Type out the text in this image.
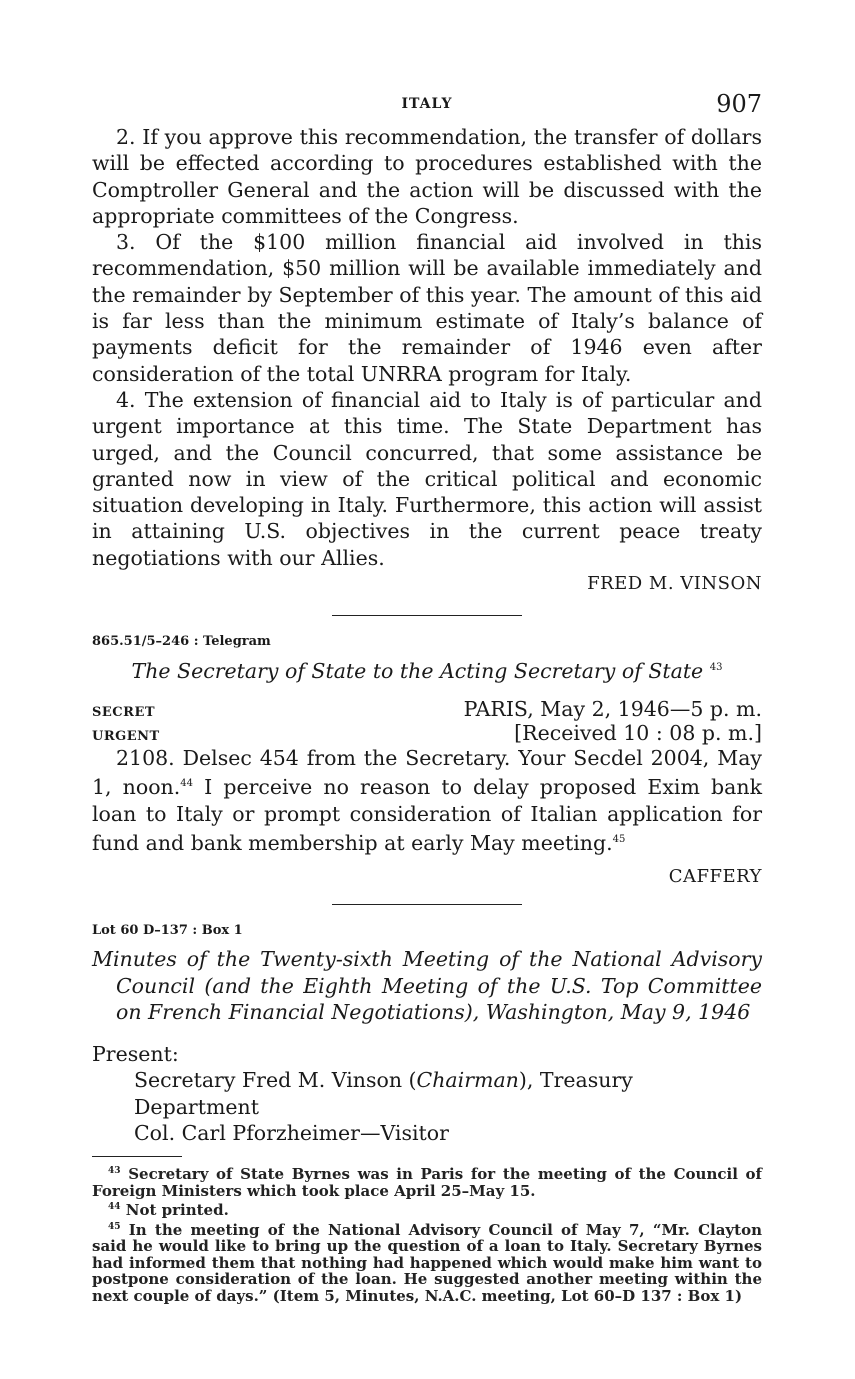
ITALY	907

2. If you approve this recommendation, the transfer of dollars will be effected according to procedures established with the Comptroller General and the action will be discussed with the appropriate committees of the Congress.

3. Of the $100 million financial aid involved in this recommendation, $50 million will be available immediately and the remainder by September of this year. The amount of this aid is far less than the minimum estimate of Italy’s balance of payments deficit for the remainder of 1946 even after consideration of the total UNRRA program for Italy.

4. The extension of financial aid to Italy is of particular and urgent importance at this time. The State Department has urged, and the Council concurred, that some assistance be granted now in view of the critical political and economic situation developing in Italy. Furthermore, this action will assist in attaining U.S. objectives in the current peace treaty negotiations with our Allies.

FRED M. VINSON

865.51/5–246 : Telegram

The Secretary of State to the Acting Secretary of State $^{43}$

SECRET	PARIS, May 2, 1946—5 p. m.
URGENT	[Received 10 : 08 p. m.]

2108. Delsec 454 from the Secretary. Your Secdel 2004, May 1, noon.$^{44}$ I perceive no reason to delay proposed Exim bank loan to Italy or prompt consideration of Italian application for fund and bank membership at early May meeting.$^{45}$

CAFFERY

Lot 60 D–137 : Box 1

Minutes of the Twenty-sixth Meeting of the National Advisory Council (and the Eighth Meeting of the U.S. Top Committee on French Financial Negotiations), Washington, May 9, 1946

Present:

Secretary Fred M. Vinson (Chairman), Treasury Department

Col. Carl Pforzheimer—Visitor

$^{43}$ Secretary of State Byrnes was in Paris for the meeting of the Council of Foreign Ministers which took place April 25–May 15.

$^{44}$ Not printed.

$^{45}$ In the meeting of the National Advisory Council of May 7, “Mr. Clayton said he would like to bring up the question of a loan to Italy. Secretary Byrnes had informed them that nothing had happened which would make him want to postpone consideration of the loan. He suggested another meeting within the next couple of days.” (Item 5, Minutes, N.A.C. meeting, Lot 60–D 137 : Box 1)
